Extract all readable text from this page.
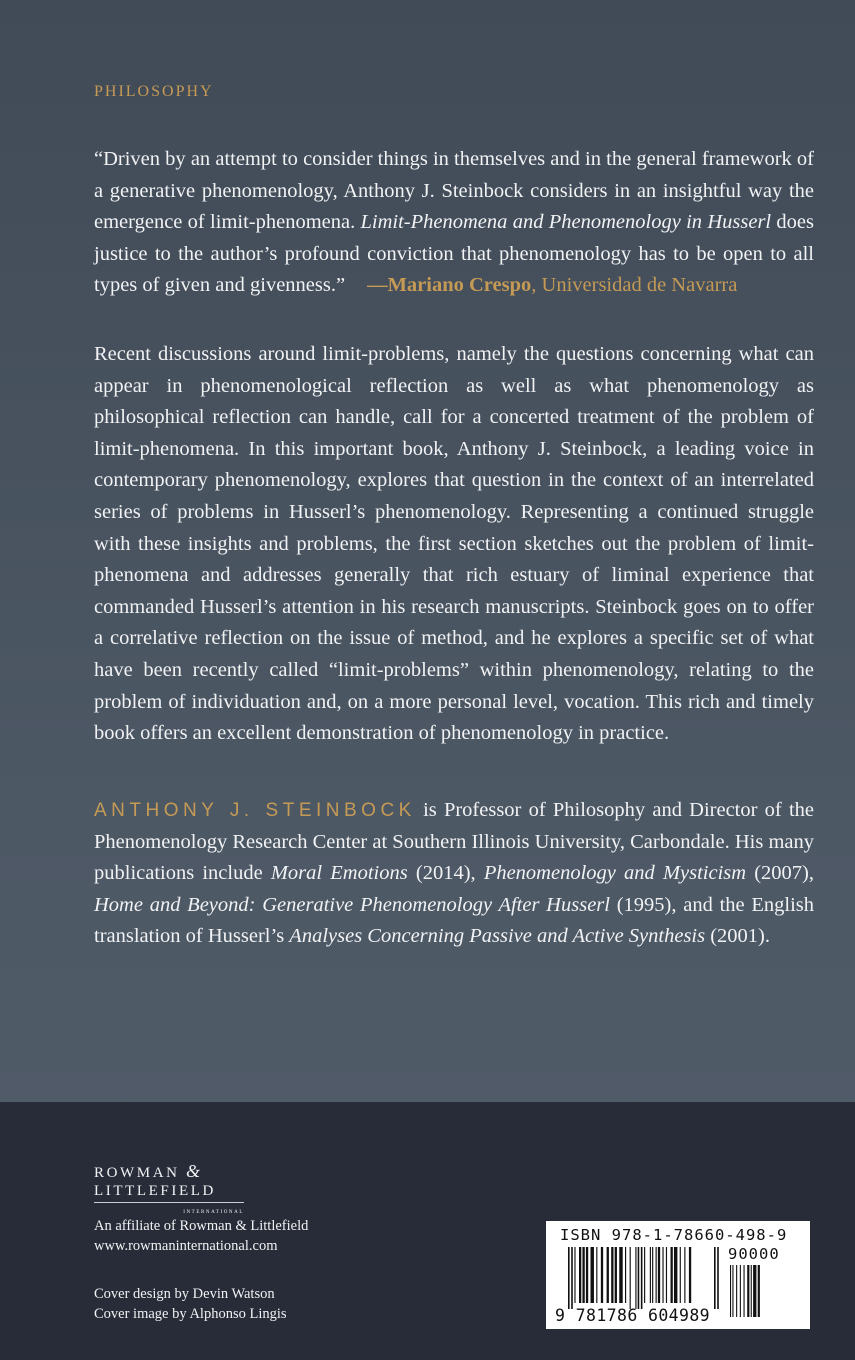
PHILOSOPHY
“Driven by an attempt to consider things in themselves and in the general framework of a generative phenomenology, Anthony J. Steinbock considers in an insightful way the emergence of limit-phenomena. Limit-Phenomena and Phenomenology in Husserl does justice to the author’s profound conviction that phenomenology has to be open to all types of given and givenness.” —Mariano Crespo, Universidad de Navarra
Recent discussions around limit-problems, namely the questions concerning what can appear in phenomenological reflection as well as what phenomenology as philosophical reflection can handle, call for a concerted treatment of the problem of limit-phenomena. In this important book, Anthony J. Steinbock, a leading voice in contemporary phenomenology, explores that question in the context of an interrelated series of problems in Husserl’s phenomenology. Representing a continued struggle with these insights and problems, the first section sketches out the problem of limit-phenomena and addresses generally that rich estuary of liminal experience that commanded Husserl’s attention in his research manuscripts. Steinbock goes on to offer a correlative reflection on the issue of method, and he explores a specific set of what have been recently called “limit-problems” within phenomenology, relating to the problem of individuation and, on a more personal level, vocation. This rich and timely book offers an excellent demonstration of phenomenology in practice.
ANTHONY J. STEINBOCK is Professor of Philosophy and Director of the Phenomenology Research Center at Southern Illinois University, Carbondale. His many publications include Moral Emotions (2014), Phenomenology and Mysticism (2007), Home and Beyond: Generative Phenomenology After Husserl (1995), and the English translation of Husserl’s Analyses Concerning Passive and Active Synthesis (2001).
ROWMAN &
LITTLEFIELD
INTERNATIONAL
An affiliate of Rowman & Littlefield
www.rowmaninternational.com
Cover design by Devin Watson
Cover image by Alphonso Lingis
ISBN 978-1-78660-498-9
90000
9 781786 604989
